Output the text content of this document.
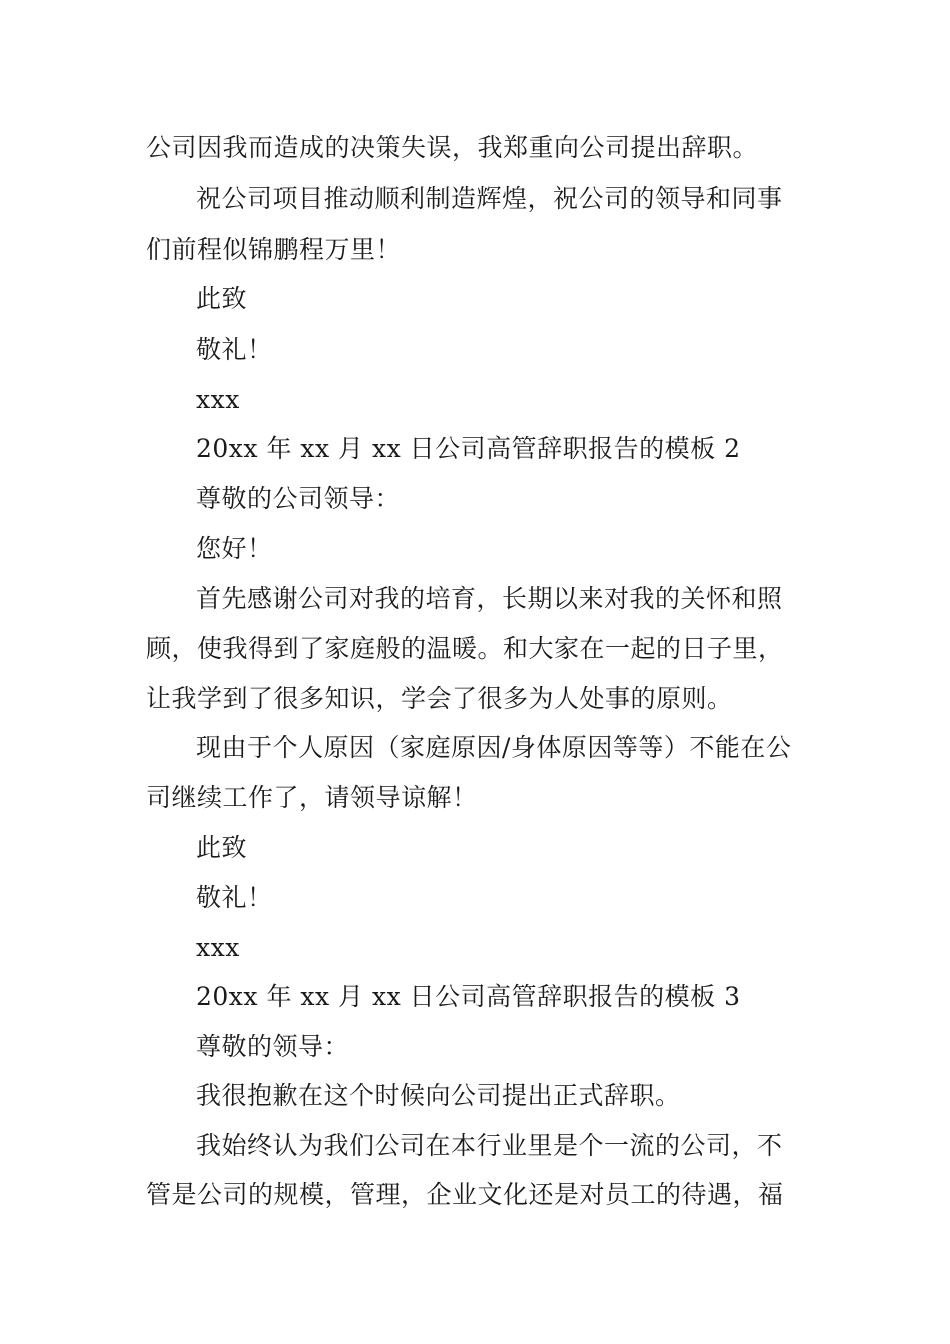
公司因我而造成的决策失误，我郑重向公司提出辞职。
祝公司项目推动顺利制造辉煌，祝公司的领导和同事
们前程似锦鹏程万里！
此致
敬礼！
xxx
20xx 年 xx 月 xx 日公司高管辞职报告的模板 2
尊敬的公司领导：
您好！
首先感谢公司对我的培育，长期以来对我的关怀和照
顾，使我得到了家庭般的温暖。和大家在一起的日子里，
让我学到了很多知识，学会了很多为人处事的原则。
现由于个人原因（家庭原因/身体原因等等）不能在公
司继续工作了，请领导谅解！
此致
敬礼！
xxx
20xx 年 xx 月 xx 日公司高管辞职报告的模板 3
尊敬的领导：
我很抱歉在这个时候向公司提出正式辞职。
我始终认为我们公司在本行业里是个一流的公司，不
管是公司的规模，管理，企业文化还是对员工的待遇，福
